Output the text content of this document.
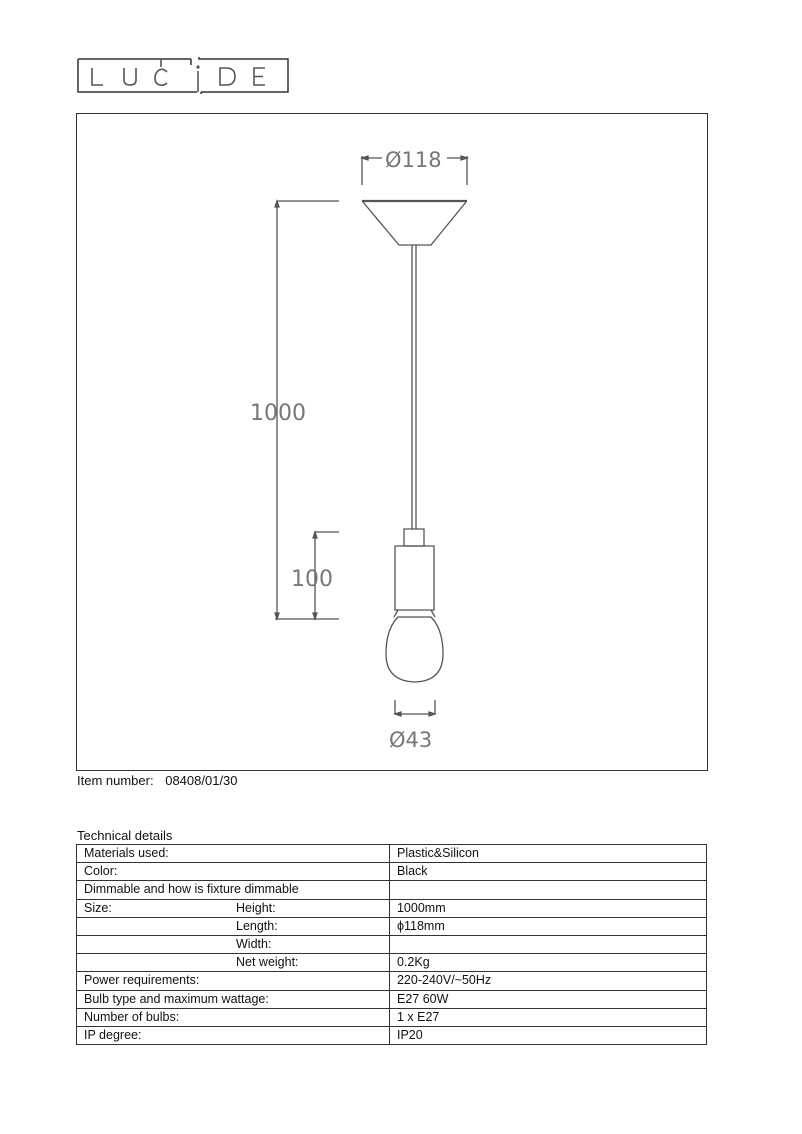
Ø118
1000
100
Ø43
Item number: 08408/01/30
Technical details
Materials used:	Plastic&Silicon
Color:	Black
Dimmable and how is fixture dimmable	

Size: Height:	1000mm

Length:	ϕ118mm

Width:	

Net weight:	0.2Kg
Power requirements:	220-240V/~50Hz
Bulb type and maximum wattage:	E27 60W
Number of bulbs:	1 x E27
IP degree:	IP20
